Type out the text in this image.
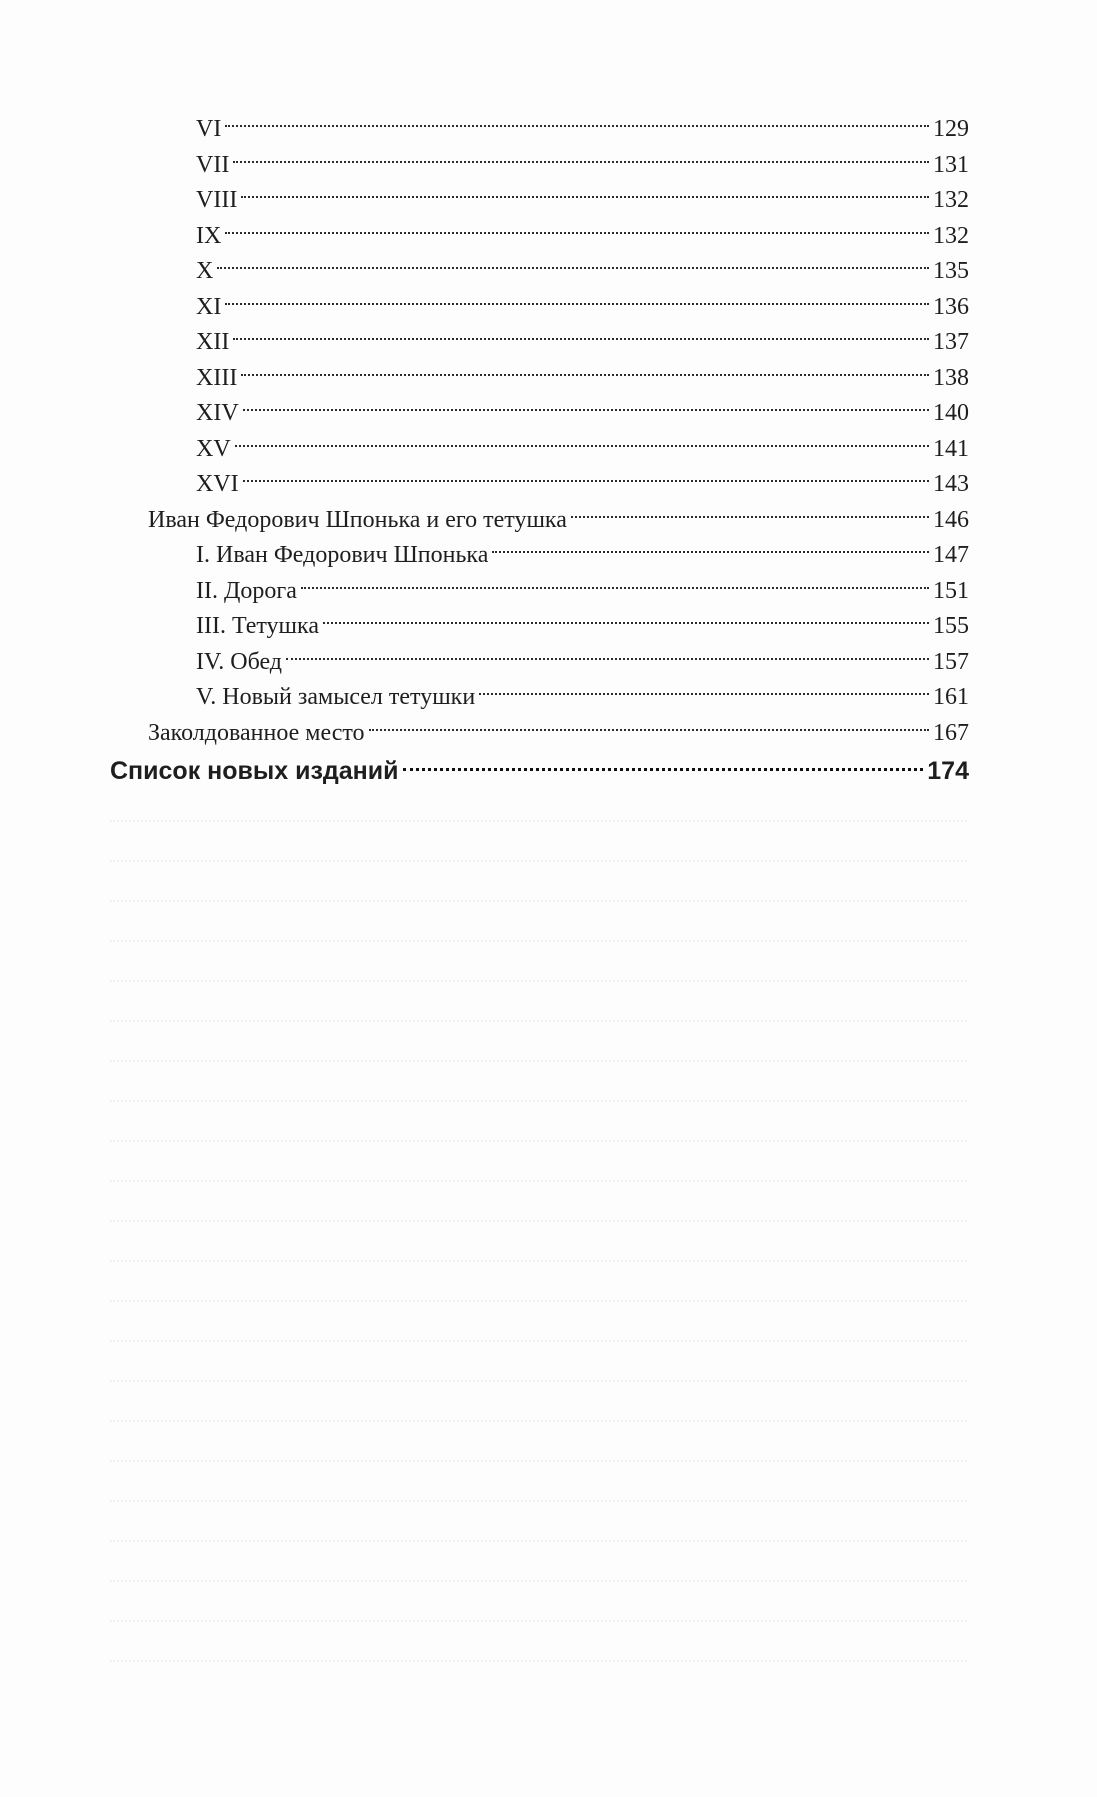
VI	129
VII	131
VIII	132
IX	132
X	135
XI	136
XII	137
XIII	138
XIV	140
XV	141
XVI	143
Иван Федорович Шпонька и его тетушка	146
I. Иван Федорович Шпонька	147
II. Дорога	151
III. Тетушка	155
IV. Обед	157
V. Новый замысел тетушки	161
Заколдованное место	167
Список новых изданий	174
